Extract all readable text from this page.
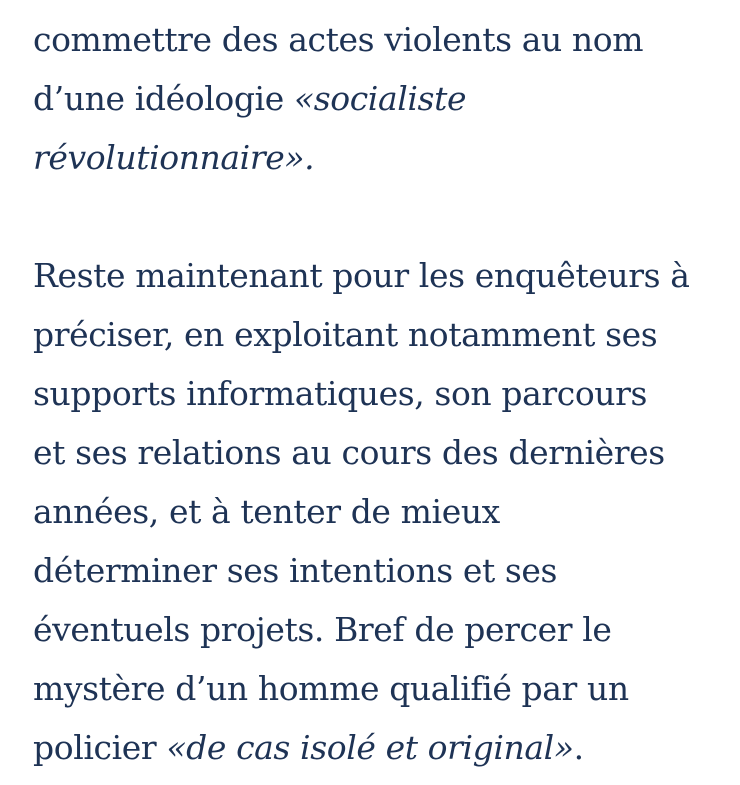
commettre des actes violents au nom
d’une idéologie «socialiste
révolutionnaire».

Reste maintenant pour les enquêteurs à
préciser, en exploitant notamment ses
supports informatiques, son parcours
et ses relations au cours des dernières
années, et à tenter de mieux
déterminer ses intentions et ses
éventuels projets. Bref de percer le
mystère d’un homme qualifié par un
policier «de cas isolé et original».
